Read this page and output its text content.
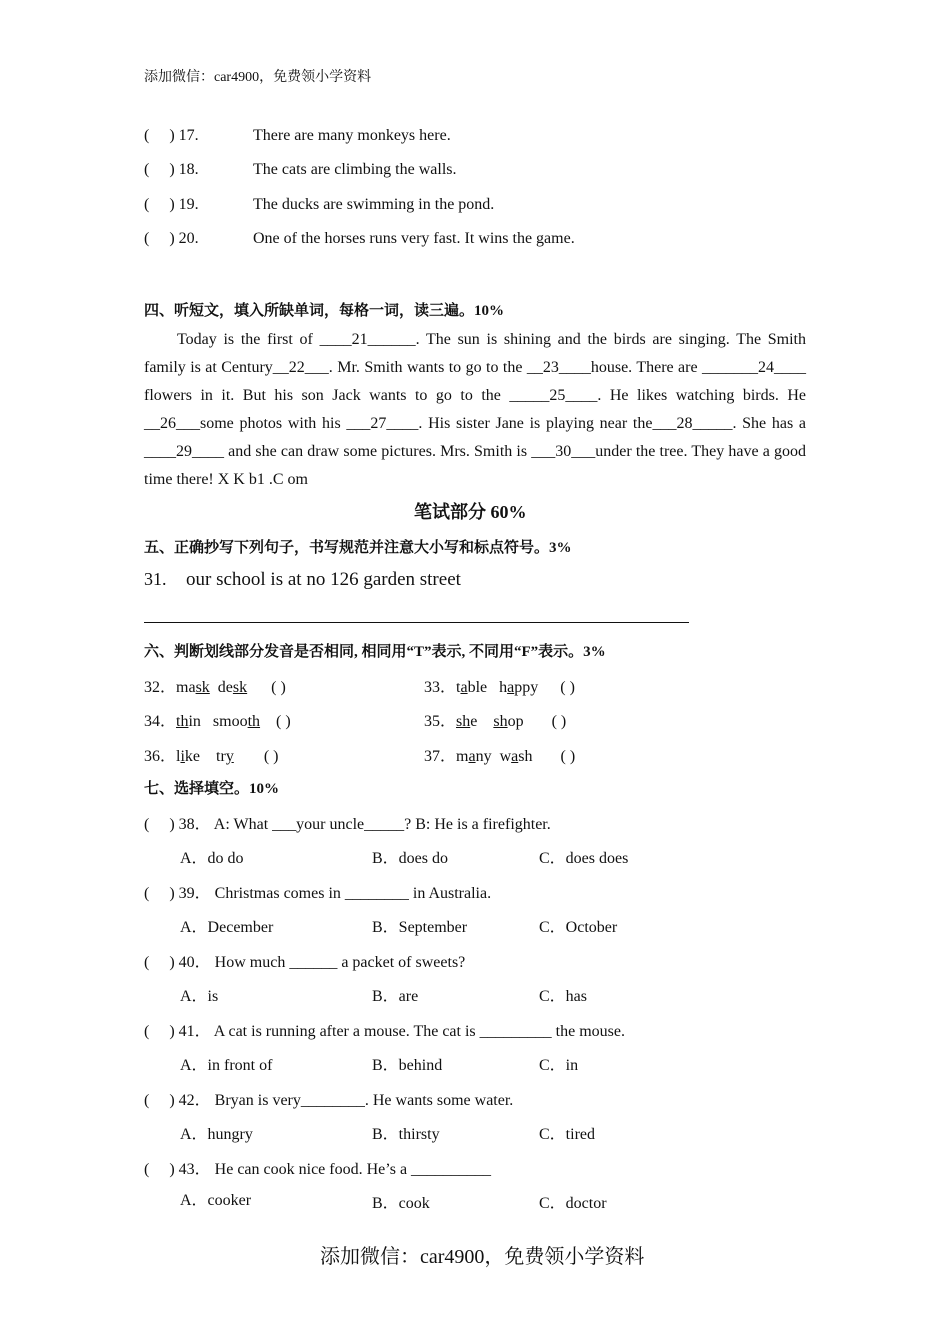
添加微信：car4900，免费领小学资料
( ) 17.	There are many monkeys here.
( ) 18.	The cats are climbing the walls.
( ) 19.	The ducks are swimming in the pond.
( ) 20.	One of the horses runs very fast. It wins the game.
四、听短文，填入所缺单词，每格一词，读三遍。10%
Today is the first of ____21______. The sun is shining and the birds are singing. The Smith family is at Century__22___. Mr. Smith wants to go to the __23____house. There are _______24____ flowers in it. But his son Jack wants to go to the _____25____. He likes watching birds. He __26___some photos with his ___27____. His sister Jane is playing near the___28_____. She has a ____29____ and she can draw some pictures. Mrs. Smith is ___30___under the tree. They have a good time there! X K b1 .C om
笔试部分 60%
五、正确抄写下列句子，书写规范并注意大小写和标点符号。3%
31. our school is at no 126 garden street
六、判断划线部分发音是否相同, 相同用“T”表示, 不同用“F”表示。3%
32．mask desk ( )	33．table happy ( )
34．thin smooth ( )	35．she shop ( )
36．like try ( )	37．many wash ( )
七、选择填空。10%
( ) 38． A: What ___your uncle_____? B: He is a firefighter.
A．do do	B．does do	C．does does
( ) 39． Christmas comes in ________ in Australia.
A．December	B．September	C．October
( ) 40． How much ______ a packet of sweets?
A．is	B．are	C．has
( ) 41． A cat is running after a mouse. The cat is _________ the mouse.
A．in front of	B．behind	C．in
( ) 42． Bryan is very________. He wants some water.
A．hungry	B．thirsty	C．tired
( ) 43． He can cook nice food. He’s a __________
A．cooker	B．cook	C．doctor
添加微信：car4900，免费领小学资料
